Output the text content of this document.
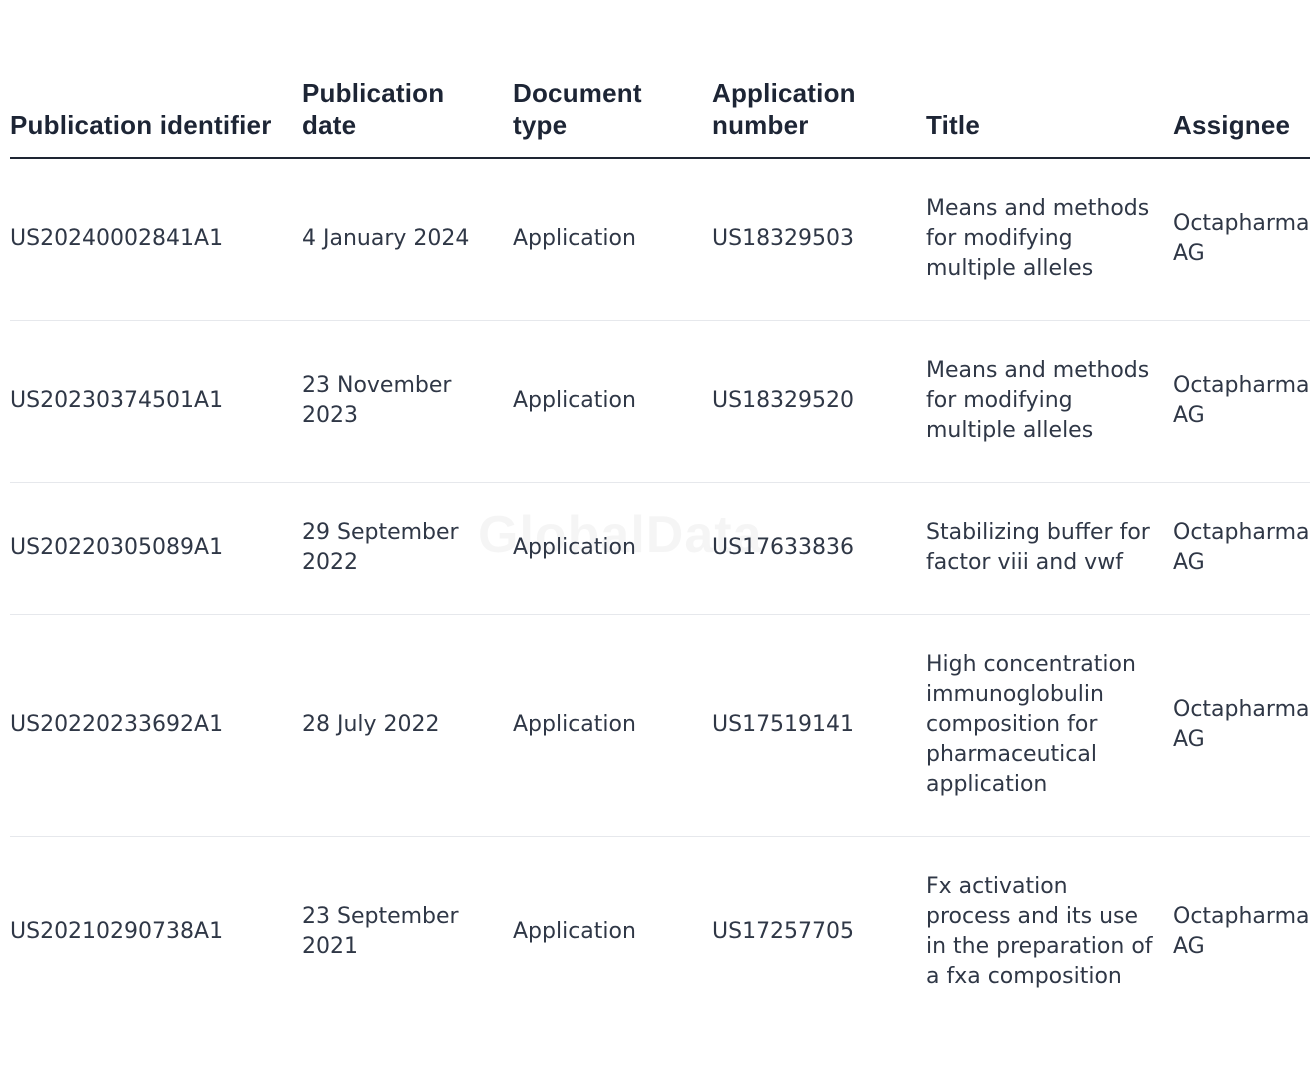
Publication identifier	Publication date	Document type	Application number	Title	Assignee
US20240002841A1	4 January 2024	Application	US18329503	Means and methods for modifying multiple alleles	Octapharma AG
US20230374501A1	23 November 2023	Application	US18329520	Means and methods for modifying multiple alleles	Octapharma AG
US20220305089A1	29 September 2022	Application	US17633836	Stabilizing buffer for factor viii and vwf	Octapharma AG
US20220233692A1	28 July 2022	Application	US17519141	High concentration immunoglobulin composition for pharmaceutical application	Octapharma AG
US20210290738A1	23 September 2021	Application	US17257705	Fx activation process and its use in the preparation of a fxa composition	Octapharma AG
